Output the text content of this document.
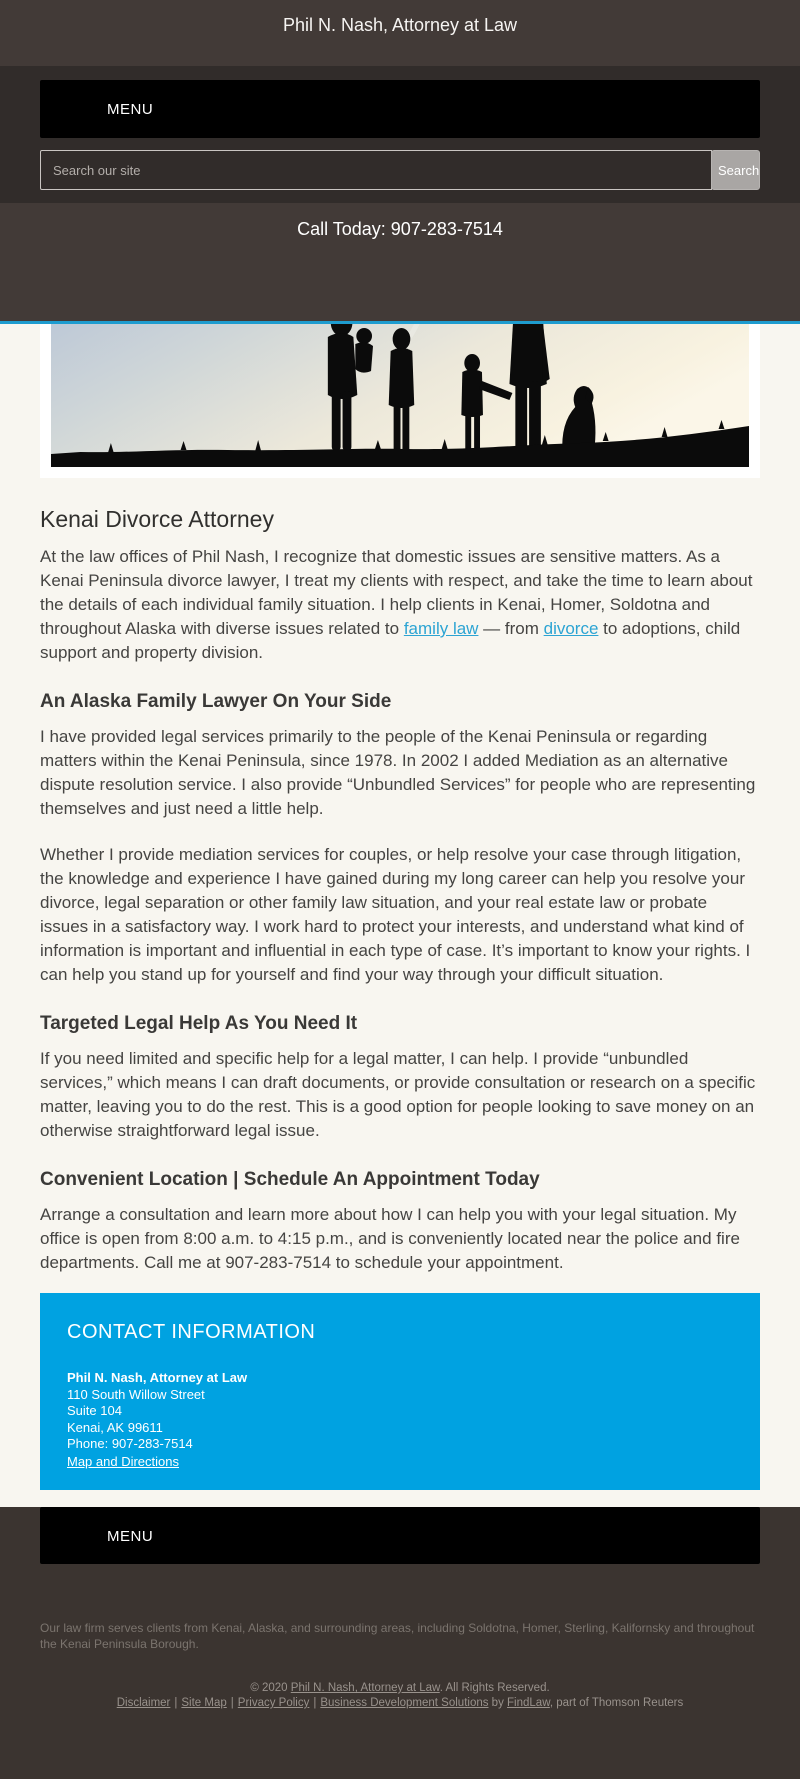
Phil N. Nash, Attorney at Law
MENU
Search our site
Search
Call Today: 907-283-7514
Kenai Divorce Attorney

At the law offices of Phil Nash, I recognize that domestic issues are sensitive matters. As a Kenai Peninsula divorce lawyer, I treat my clients with respect, and take the time to learn about the details of each individual family situation. I help clients in Kenai, Homer, Soldotna and throughout Alaska with diverse issues related to family law — from divorce to adoptions, child support and property division.

An Alaska Family Lawyer On Your Side

I have provided legal services primarily to the people of the Kenai Peninsula or regarding matters within the Kenai Peninsula, since 1978. In 2002 I added Mediation as an alternative dispute resolution service. I also provide “Unbundled Services” for people who are representing themselves and just need a little help.

Whether I provide mediation services for couples, or help resolve your case through litigation, the knowledge and experience I have gained during my long career can help you resolve your divorce, legal separation or other family law situation, and your real estate law or probate issues in a satisfactory way. I work hard to protect your interests, and understand what kind of information is important and influential in each type of case. It’s important to know your rights. I can help you stand up for yourself and find your way through your difficult situation.

Targeted Legal Help As You Need It

If you need limited and specific help for a legal matter, I can help. I provide “unbundled services,” which means I can draft documents, or provide consultation or research on a specific matter, leaving you to do the rest. This is a good option for people looking to save money on an otherwise straightforward legal issue.

Convenient Location | Schedule An Appointment Today

Arrange a consultation and learn more about how I can help you with your legal situation. My office is open from 8:00 a.m. to 4:15 p.m., and is conveniently located near the police and fire departments. Call me at 907-283-7514 to schedule your appointment.

CONTACT INFORMATION
Phil N. Nash, Attorney at Law
110 South Willow Street
Suite 104
Kenai, AK 99611
Phone: 907-283-7514
Map and Directions
MENU
Our law firm serves clients from Kenai, Alaska, and surrounding areas, including Soldotna, Homer, Sterling, Kalifornsky and throughout the Kenai Peninsula Borough.
© 2020 Phil N. Nash, Attorney at Law. All Rights Reserved.
Disclaimer | Site Map | Privacy Policy | Business Development Solutions by FindLaw, part of Thomson Reuters
